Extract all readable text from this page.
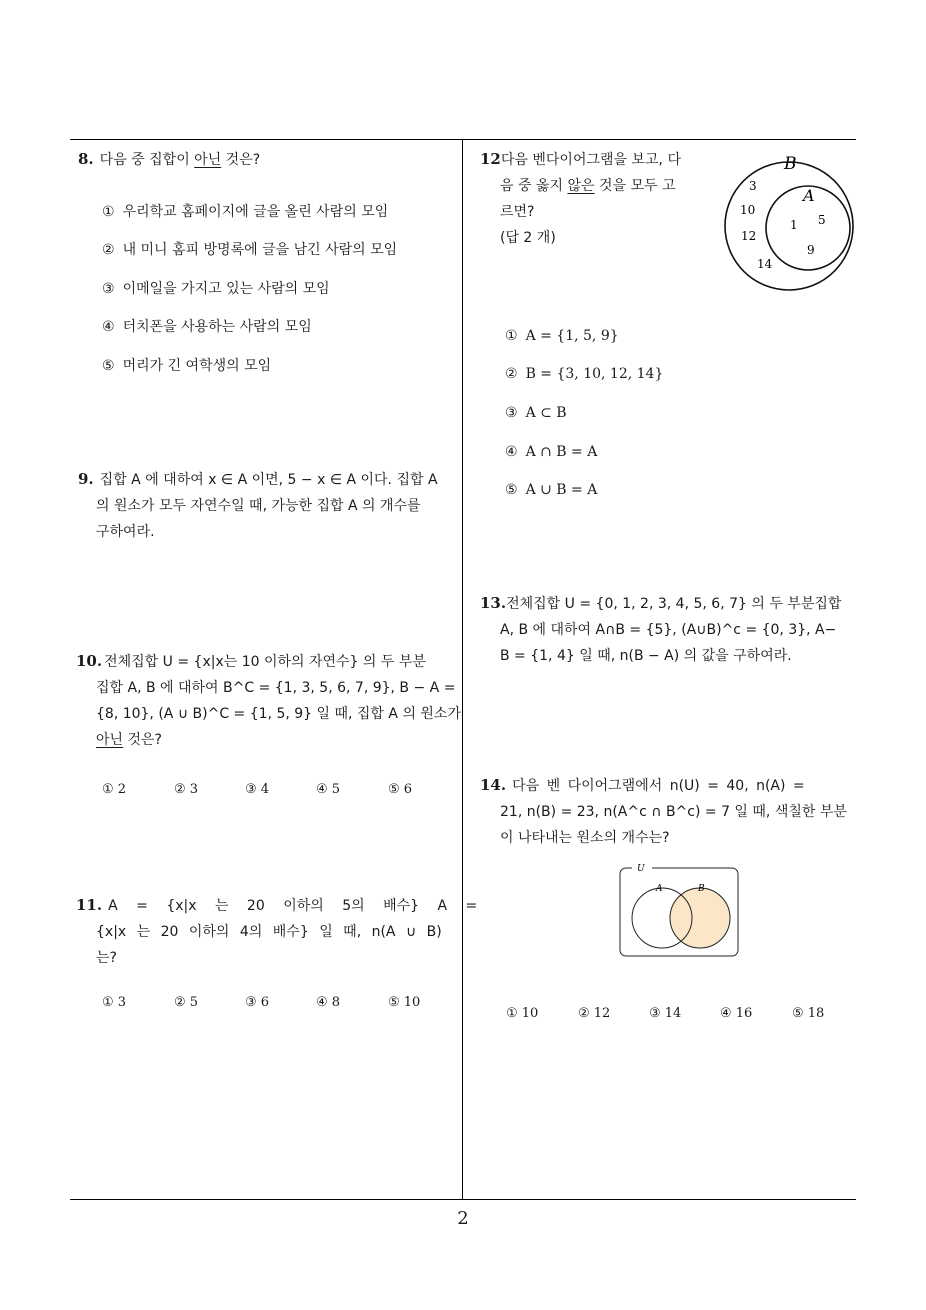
8. 다음 중 집합이 아닌 것은?
① 우리학교 홈페이지에 글을 올린 사람의 모임
② 내 미니 홈피 방명록에 글을 남긴 사람의 모임
③ 이메일을 가지고 있는 사람의 모임
④ 터치폰을 사용하는 사람의 모임
⑤ 머리가 긴 여학생의 모임
9. 집합 A 에 대하여 x ∈ A 이면, 5 − x ∈ A 이다. 집합 A
의 원소가 모두 자연수일 때, 가능한 집합 A 의 개수를
구하여라.
10. 전체집합 U = {x|x는 10 이하의 자연수} 의 두 부분
집합 A, B 에 대하여 B^C = {1, 3, 5, 6, 7, 9}, B − A =
{8, 10}, (A ∪ B)^C = {1, 5, 9} 일 때, 집합 A 의 원소가
아닌 것은?
① 2	② 3	③ 4	④ 5	⑤ 6
11. A = {x|x 는 20 이하의 5의 배수} A =
{x|x 는 20 이하의 4의 배수} 일 때, n(A ∪ B)
는?
① 3	② 5	③ 6	④ 8	⑤ 10
12다음 벤다이어그램을 보고, 다
음 중 옳지 않은 것을 모두 고
르면?
(답 2 개)
B
A
3
10
12
14
1 5
9
① A = {1, 5, 9}
② B = {3, 10, 12, 14}
③ A ⊂ B
④ A ∩ B = A
⑤ A ∪ B = A
13.전체집합 U = {0, 1, 2, 3, 4, 5, 6, 7} 의 두 부분집합
A, B 에 대하여 A∩B = {5}, (A∪B)^c = {0, 3}, A−
B = {1, 4} 일 때, n(B − A) 의 값을 구하여라.
14. 다음 벤 다이어그램에서 n(U) = 40, n(A) =
21, n(B) = 23, n(A^c ∩ B^c) = 7 일 때, 색칠한 부분
이 나타내는 원소의 개수는?
U
A	B
① 10	② 12	③ 14	④ 16	⑤ 18
2
